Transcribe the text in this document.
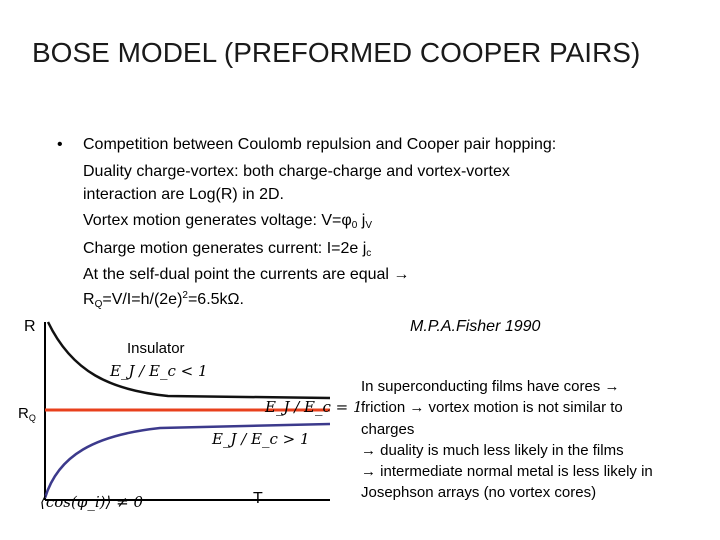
BOSE MODEL (PREFORMED COOPER PAIRS)
• Competition between Coulomb repulsion and Cooper pair hopping:
Duality charge-vortex: both charge-charge and vortex-vortex
interaction are Log(R) in 2D.
Vortex motion generates voltage: $V=\varphi_0$ $j_V$
Charge motion generates current: I=2e $j_c$
At the self-dual point the currents are equal →
$R_Q=V/I=h/(2e)^2=6.5k\Omega$.
M.P.A.Fisher 1990
Insulator
R
$R_Q$
T
E_J / E_c < 1
E_J / E_c = 1
E_J / E_c > 1
⟨cos(φ_i)⟩ ≠ 0
In superconducting films have cores →
friction → vortex motion is not similar to
charges
→ duality is much less likely in the films
→ intermediate normal metal is less likely in
Josephson arrays (no vortex cores)
